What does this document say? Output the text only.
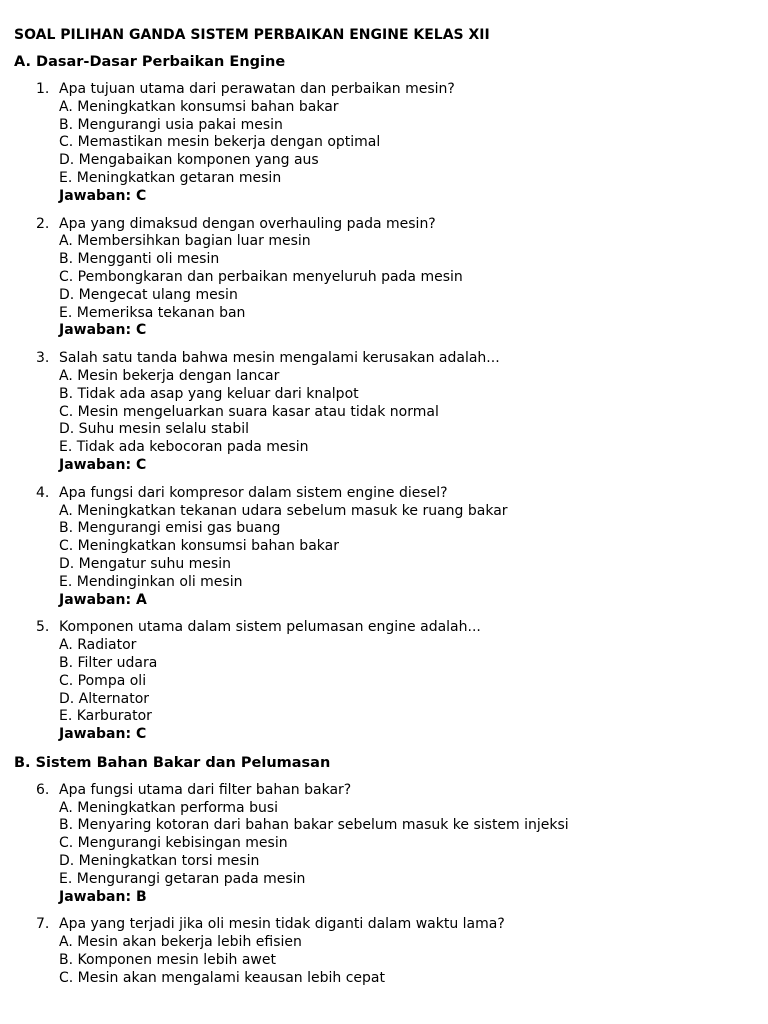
SOAL PILIHAN GANDA SISTEM PERBAIKAN ENGINE KELAS XII
A. Dasar-Dasar Perbaikan Engine
1. Apa tujuan utama dari perawatan dan perbaikan mesin?
A. Meningkatkan konsumsi bahan bakar
B. Mengurangi usia pakai mesin
C. Memastikan mesin bekerja dengan optimal
D. Mengabaikan komponen yang aus
E. Meningkatkan getaran mesin
Jawaban: C
2. Apa yang dimaksud dengan overhauling pada mesin?
A. Membersihkan bagian luar mesin
B. Mengganti oli mesin
C. Pembongkaran dan perbaikan menyeluruh pada mesin
D. Mengecat ulang mesin
E. Memeriksa tekanan ban
Jawaban: C
3. Salah satu tanda bahwa mesin mengalami kerusakan adalah...
A. Mesin bekerja dengan lancar
B. Tidak ada asap yang keluar dari knalpot
C. Mesin mengeluarkan suara kasar atau tidak normal
D. Suhu mesin selalu stabil
E. Tidak ada kebocoran pada mesin
Jawaban: C
4. Apa fungsi dari kompresor dalam sistem engine diesel?
A. Meningkatkan tekanan udara sebelum masuk ke ruang bakar
B. Mengurangi emisi gas buang
C. Meningkatkan konsumsi bahan bakar
D. Mengatur suhu mesin
E. Mendinginkan oli mesin
Jawaban: A
5. Komponen utama dalam sistem pelumasan engine adalah...
A. Radiator
B. Filter udara
C. Pompa oli
D. Alternator
E. Karburator
Jawaban: C
B. Sistem Bahan Bakar dan Pelumasan
6. Apa fungsi utama dari filter bahan bakar?
A. Meningkatkan performa busi
B. Menyaring kotoran dari bahan bakar sebelum masuk ke sistem injeksi
C. Mengurangi kebisingan mesin
D. Meningkatkan torsi mesin
E. Mengurangi getaran pada mesin
Jawaban: B
7. Apa yang terjadi jika oli mesin tidak diganti dalam waktu lama?
A. Mesin akan bekerja lebih efisien
B. Komponen mesin lebih awet
C. Mesin akan mengalami keausan lebih cepat
